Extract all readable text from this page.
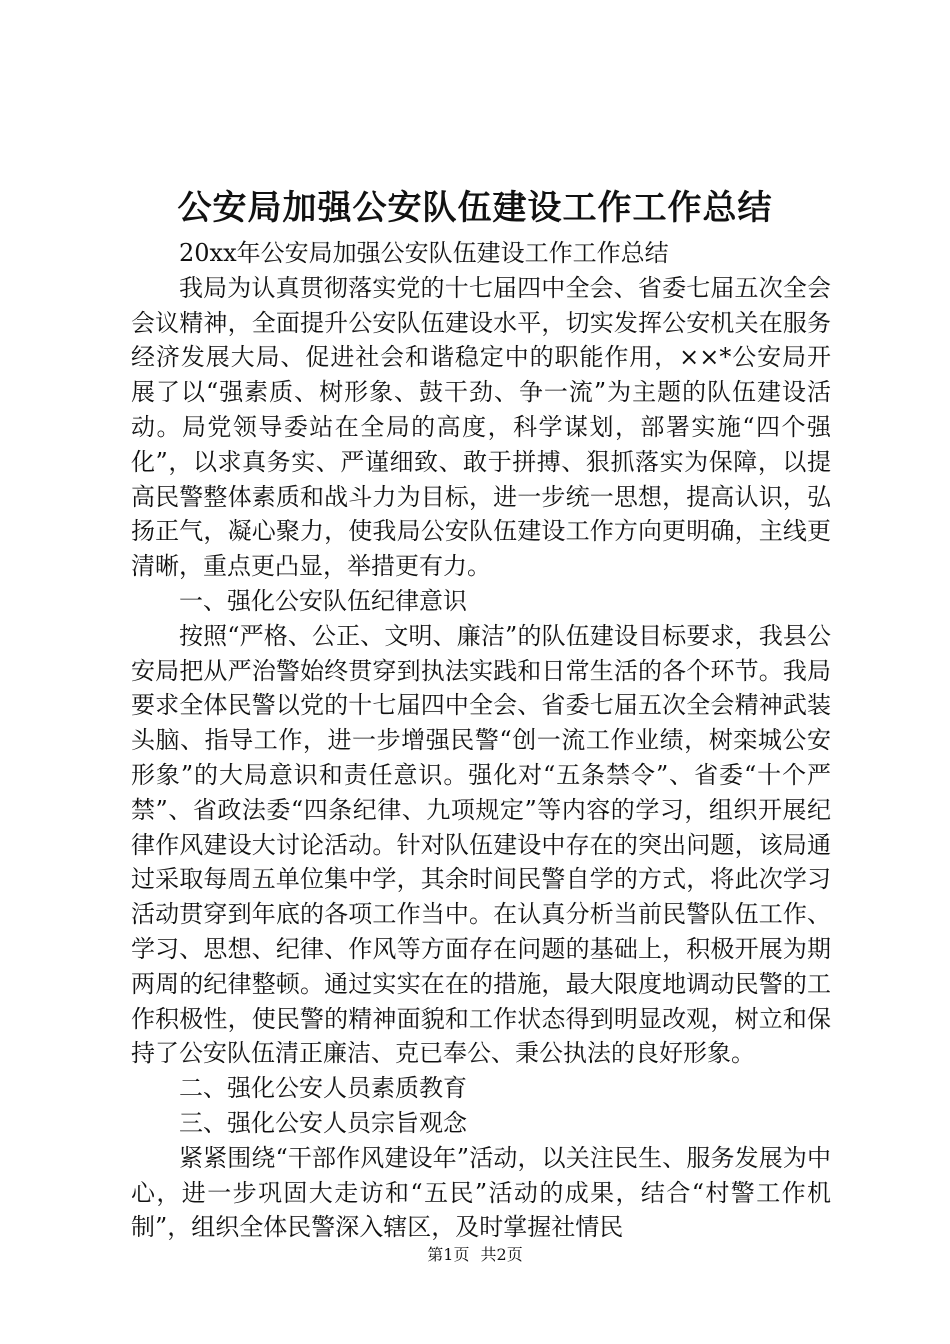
公安局加强公安队伍建设工作工作总结

20xx年公安局加强公安队伍建设工作工作总结

我局为认真贯彻落实党的十七届四中全会、省委七届五次全会会议精神，全面提升公安队伍建设水平，切实发挥公安机关在服务经济发展大局、促进社会和谐稳定中的职能作用，××*公安局开展了以“强素质、树形象、鼓干劲、争一流”为主题的队伍建设活动。局党领导委站在全局的高度，科学谋划，部署实施“四个强化”，以求真务实、严谨细致、敢于拼搏、狠抓落实为保障，以提高民警整体素质和战斗力为目标，进一步统一思想，提高认识，弘扬正气，凝心聚力，使我局公安队伍建设工作方向更明确，主线更清晰，重点更凸显，举措更有力。

一、强化公安队伍纪律意识

按照“严格、公正、文明、廉洁”的队伍建设目标要求，我县公安局把从严治警始终贯穿到执法实践和日常生活的各个环节。我局要求全体民警以党的十七届四中全会、省委七届五次全会精神武装头脑、指导工作，进一步增强民警“创一流工作业绩，树栾城公安形象”的大局意识和责任意识。强化对“五条禁令”、省委“十个严禁”、省政法委“四条纪律、九项规定”等内容的学习，组织开展纪律作风建设大讨论活动。针对队伍建设中存在的突出问题，该局通过采取每周五单位集中学，其余时间民警自学的方式，将此次学习活动贯穿到年底的各项工作当中。在认真分析当前民警队伍工作、学习、思想、纪律、作风等方面存在问题的基础上，积极开展为期两周的纪律整顿。通过实实在在的措施，最大限度地调动民警的工作积极性，使民警的精神面貌和工作状态得到明显改观，树立和保持了公安队伍清正廉洁、克已奉公、秉公执法的良好形象。

二、强化公安人员素质教育

三、强化公安人员宗旨观念

紧紧围绕“干部作风建设年”活动，以关注民生、服务发展为中心，进一步巩固大走访和“五民”活动的成果，结合“村警工作机制”，组织全体民警深入辖区，及时掌握社情民

第1页 共2页
